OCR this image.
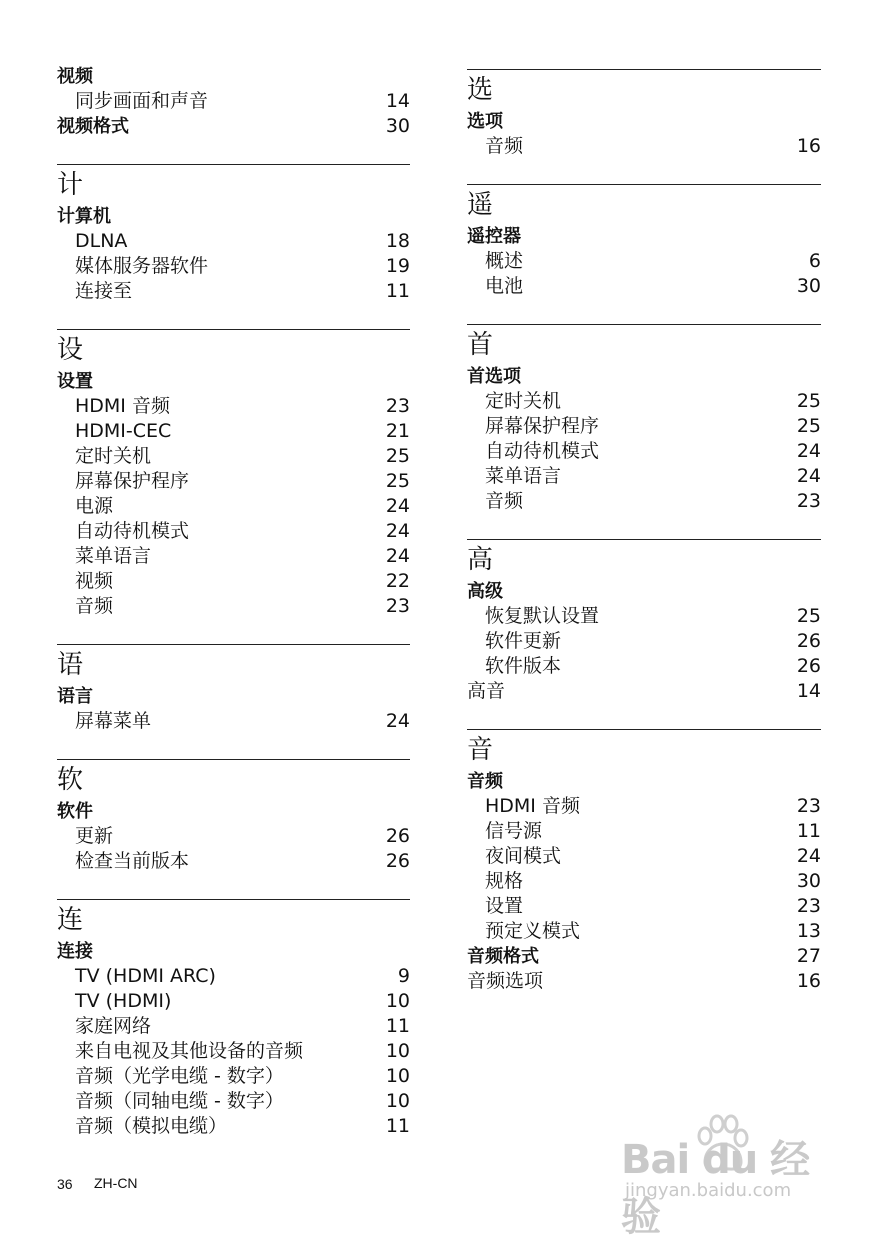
视频
同步画面和声音	14
视频格式	30
计
计算机
DLNA	18
媒体服务器软件	19
连接至	11
设
设置
HDMI 音频	23
HDMI-CEC	21
定时关机	25
屏幕保护程序	25
电源	24
自动待机模式	24
菜单语言	24
视频	22
音频	23
语
语言
屏幕菜单	24
软
软件
更新	26
检查当前版本	26
连
连接
TV (HDMI ARC)	9
TV (HDMI)	10
家庭网络	11
来自电视及其他设备的音频	10
音频（光学电缆 - 数字）	10
音频（同轴电缆 - 数字）	10
音频（模拟电缆）	11
选
选项
音频	16
遥
遥控器
概述	6
电池	30
首
首选项
定时关机	25
屏幕保护程序	25
自动待机模式	24
菜单语言	24
音频	23
高
高级
恢复默认设置	25
软件更新	26
软件版本	26
高音	14
音
音频
HDMI 音频	23
信号源	11
夜间模式	24
规格	30
设置	23
预定义模式	13
音频格式	27
音频选项	16
36 ZH-CN	Bai du 经验
jingyan.baidu.com
